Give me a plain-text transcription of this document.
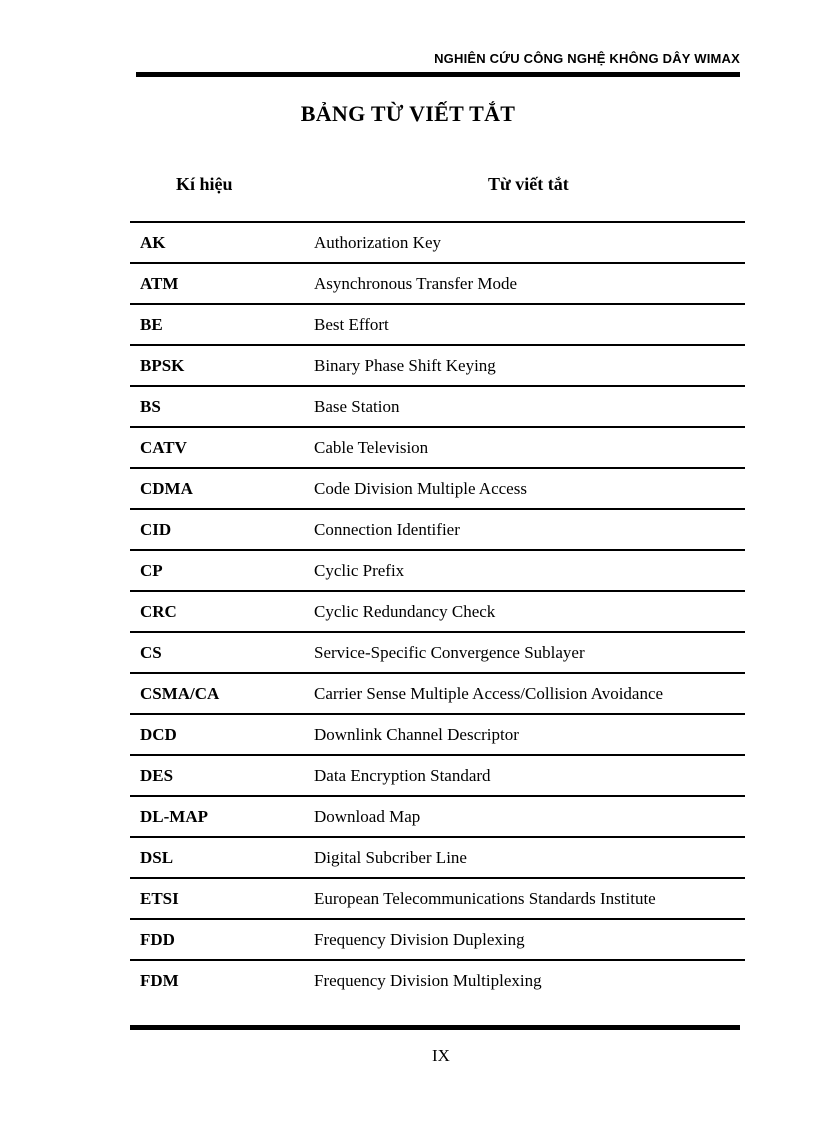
NGHIÊN CỨU CÔNG NGHỆ KHÔNG DÂY WIMAX
BẢNG TỪ VIẾT TẮT
Kí hiệu	Từ viết tắt
AK	Authorization Key
ATM	Asynchronous Transfer Mode
BE	Best Effort
BPSK	Binary Phase Shift Keying
BS	Base Station
CATV	Cable Television
CDMA	Code Division Multiple Access
CID	Connection Identifier
CP	Cyclic Prefix
CRC	Cyclic Redundancy Check
CS	Service-Specific Convergence Sublayer
CSMA/CA	Carrier Sense Multiple Access/Collision Avoidance
DCD	Downlink Channel Descriptor
DES	Data Encryption Standard
DL-MAP	Download Map
DSL	Digital Subcriber Line
ETSI	European Telecommunications Standards Institute
FDD	Frequency Division Duplexing
FDM	Frequency Division Multiplexing
IX
